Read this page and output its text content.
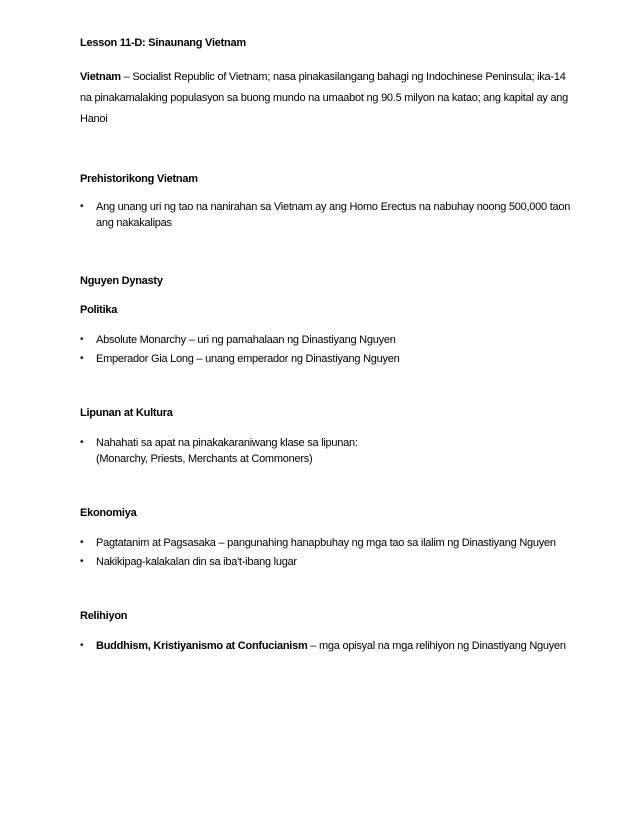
Lesson 11-D: Sinaunang Vietnam

Vietnam – Socialist Republic of Vietnam; nasa pinakasilangang bahagi ng Indochinese Peninsula; ika-14 na pinakamalaking populasyon sa buong mundo na umaabot ng 90.5 milyon na katao; ang kapital ay ang Hanoi

Prehistorikong Vietnam

• Ang unang uri ng tao na nanirahan sa Vietnam ay ang Homo Erectus na nabuhay noong 500,000 taon ang nakakalipas

Nguyen Dynasty

Politika

• Absolute Monarchy – uri ng pamahalaan ng Dinastiyang Nguyen
• Emperador Gia Long – unang emperador ng Dinastiyang Nguyen

Lipunan at Kultura

• Nahahati sa apat na pinakakaraniwang klase sa lipunan:
(Monarchy, Priests, Merchants at Commoners)

Ekonomiya

• Pagtatanim at Pagsasaka – pangunahing hanapbuhay ng mga tao sa ilalim ng Dinastiyang Nguyen
• Nakikipag-kalakalan din sa iba't-ibang lugar

Relihiyon

• Buddhism, Kristiyanismo at Confucianism – mga opisyal na mga relihiyon ng Dinastiyang Nguyen
